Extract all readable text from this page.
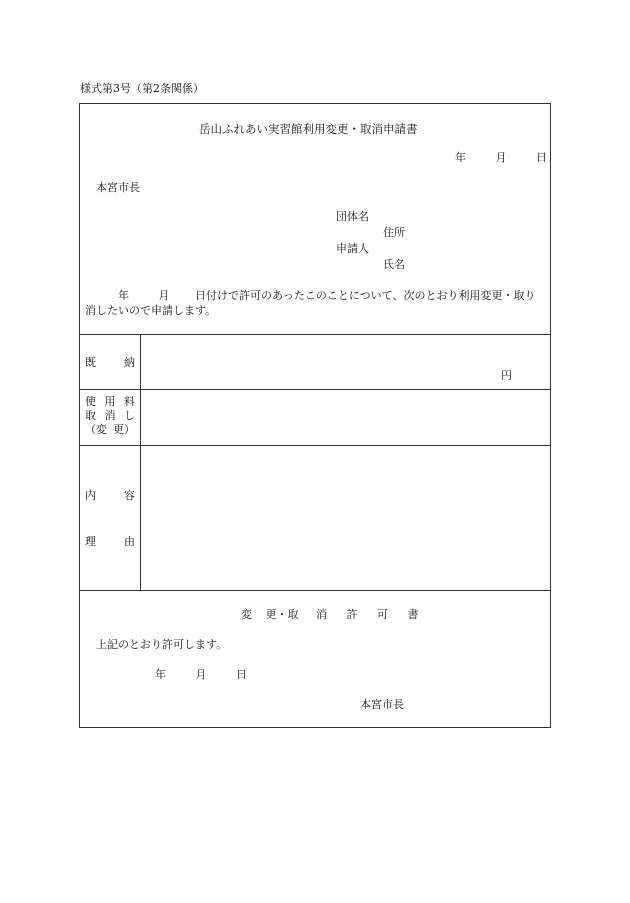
様式第3号（第2条関係）
岳山ふれあい実習館利用変更・取消申請書
年	月	日
本宮市長
団体名
住所
申請人
氏名
年	月 日付けで許可のあったこのことについて、次のとおり利用変更・取り
消したいので申請します。
既	納
円
使 用 料
取 消 し
（変 更）
内	容
理	由
変 更・取 消 許 可 書
上記のとおり許可します。
年	月	日
本宮市長
